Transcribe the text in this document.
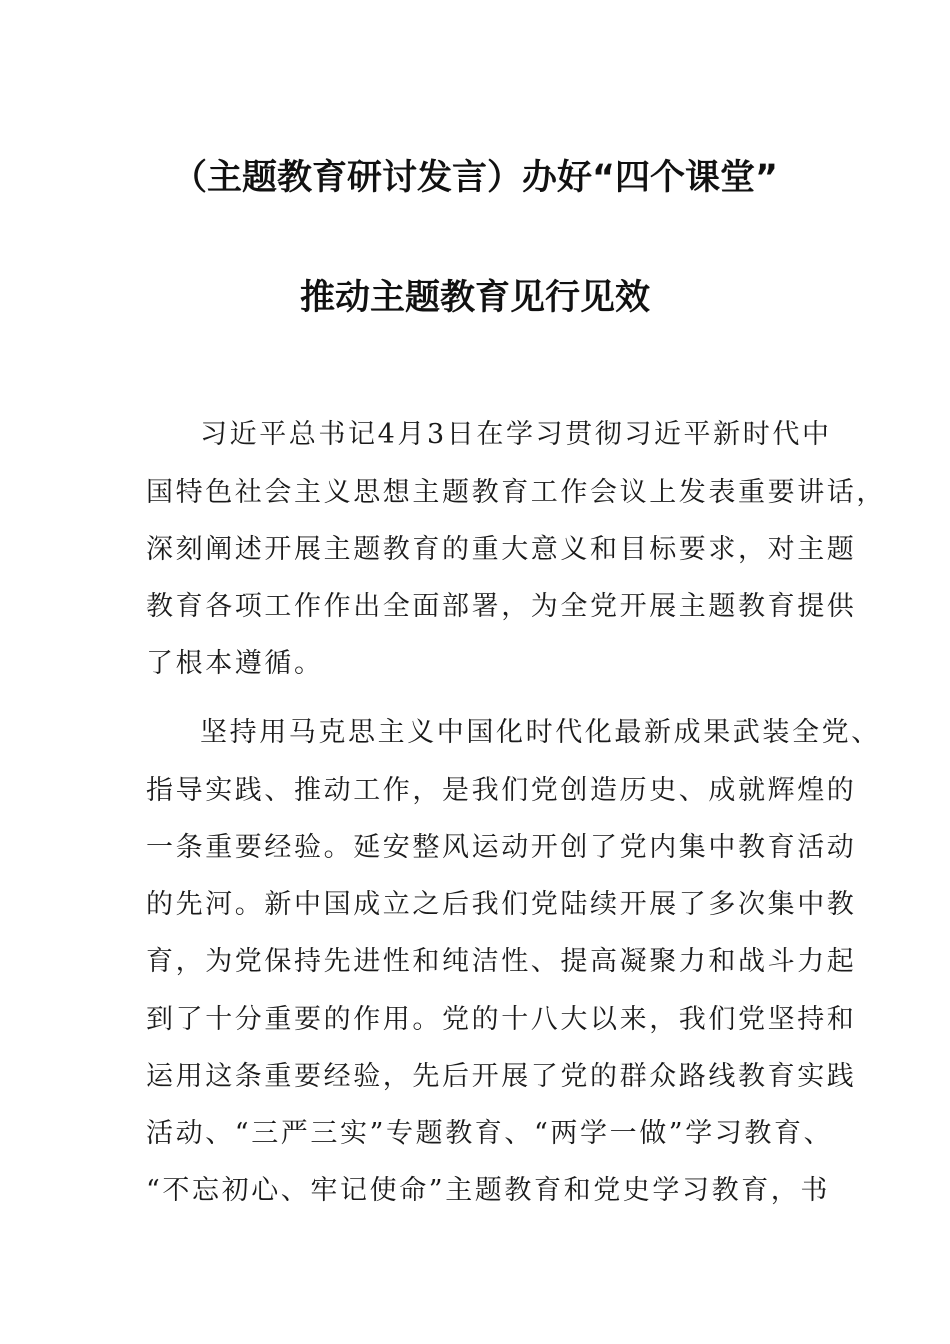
（主题教育研讨发言）办好“四个课堂”
推动主题教育见行见效
习近平总书记4月3日在学习贯彻习近平新时代中
国特色社会主义思想主题教育工作会议上发表重要讲话，
深刻阐述开展主题教育的重大意义和目标要求，对主题
教育各项工作作出全面部署，为全党开展主题教育提供
了根本遵循。
坚持用马克思主义中国化时代化最新成果武装全党、
指导实践、推动工作，是我们党创造历史、成就辉煌的
一条重要经验。延安整风运动开创了党内集中教育活动
的先河。新中国成立之后我们党陆续开展了多次集中教
育，为党保持先进性和纯洁性、提高凝聚力和战斗力起
到了十分重要的作用。党的十八大以来，我们党坚持和
运用这条重要经验，先后开展了党的群众路线教育实践
活动、“三严三实”专题教育、“两学一做”学习教育、
“不忘初心、牢记使命”主题教育和党史学习教育，书
